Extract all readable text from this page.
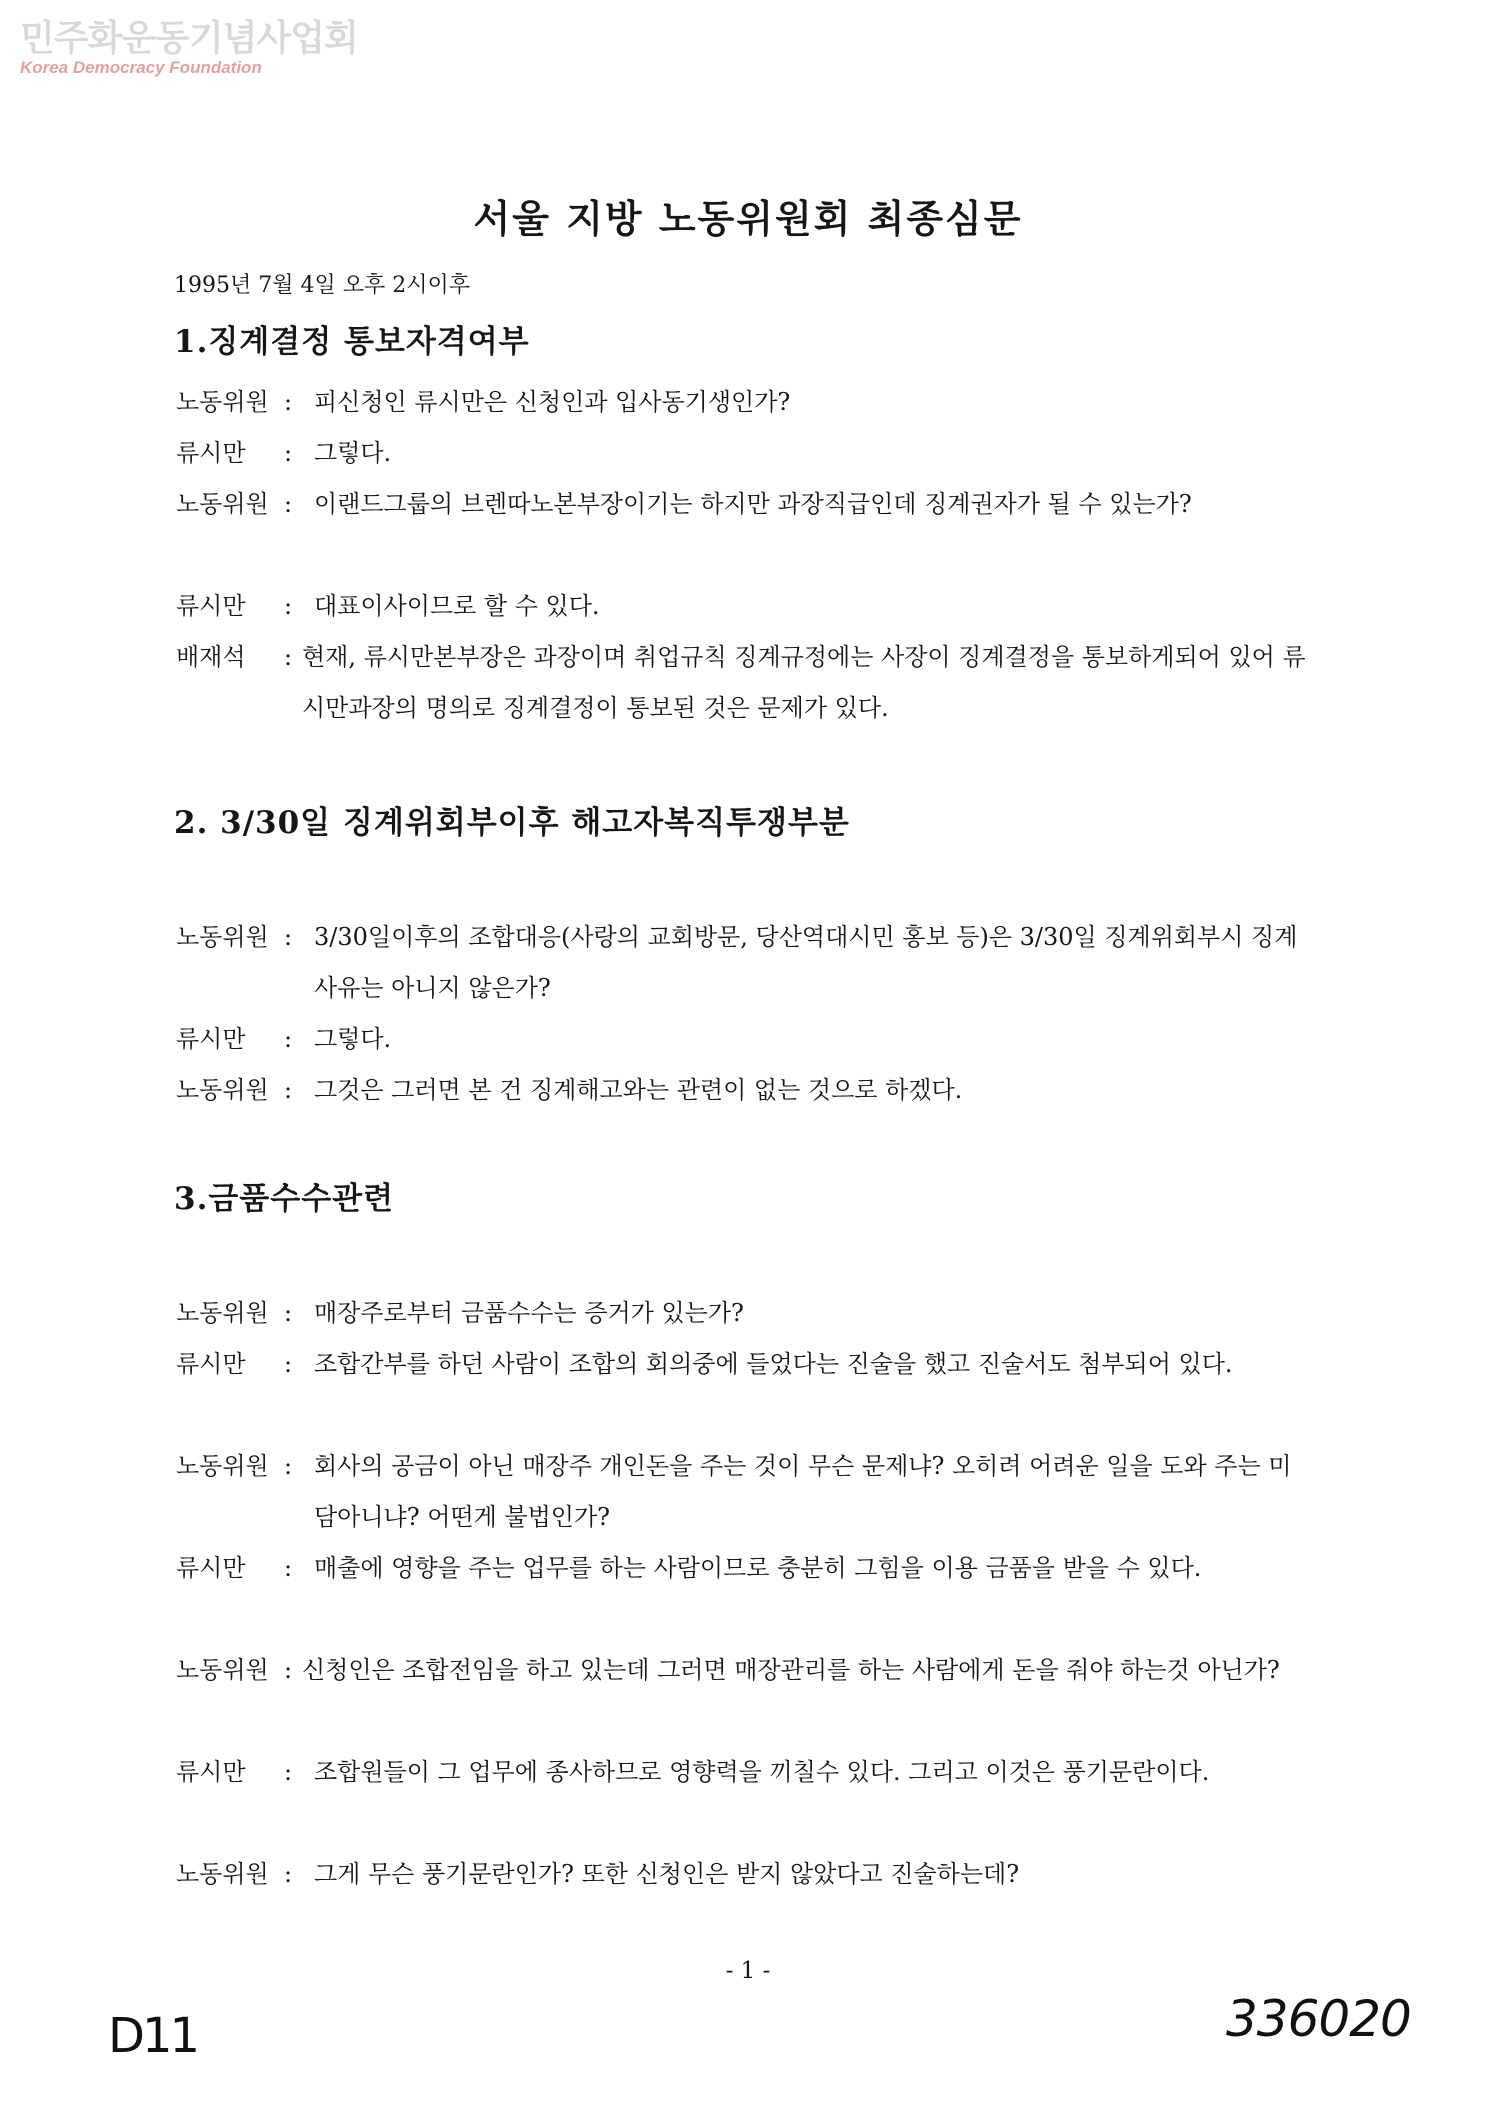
민주화운동기념사업회
Korea Democracy Foundation
서울 지방 노동위원회 최종심문
1995년 7월 4일 오후 2시이후
1.징계결정 통보자격여부
노동위원 : 피신청인 류시만은 신청인과 입사동기생인가?
류시만	: 그렇다.
노동위원 : 이랜드그룹의 브렌따노본부장이기는 하지만 과장직급인데 징계권자가 될 수 있는가?
류시만	: 대표이사이므로 할 수 있다.
배재석	: 현재, 류시만본부장은 과장이며 취업규칙 징계규정에는 사장이 징계결정을 통보하게되어 있어 류시만과장의 명의로 징계결정이 통보된 것은 문제가 있다.
2. 3/30일 징계위회부이후 해고자복직투쟁부분
노동위원 : 3/30일이후의 조합대응(사랑의 교회방문, 당산역대시민 홍보 등)은 3/30일 징계위회부시 징계사유는 아니지 않은가?
류시만	: 그렇다.
노동위원 : 그것은 그러면 본 건 징계해고와는 관련이 없는 것으로 하겠다.
3.금품수수관련
노동위원 : 매장주로부터 금품수수는 증거가 있는가?
류시만	: 조합간부를 하던 사람이 조합의 회의중에 들었다는 진술을 했고 진술서도 첨부되어 있다.
노동위원 : 회사의 공금이 아닌 매장주 개인돈을 주는 것이 무슨 문제냐? 오히려 어려운 일을 도와 주는 미담아니냐? 어떤게 불법인가?
류시만	: 매출에 영향을 주는 업무를 하는 사람이므로 충분히 그힘을 이용 금품을 받을 수 있다.
노동위원 : 신청인은 조합전임을 하고 있는데 그러면 매장관리를 하는 사람에게 돈을 줘야 하는것 아닌가?
류시만	: 조합원들이 그 업무에 종사하므로 영향력을 끼칠수 있다. 그리고 이것은 풍기문란이다.
노동위원 : 그게 무슨 풍기문란인가? 또한 신청인은 받지 않았다고 진술하는데?
- 1 -
D11	336020
